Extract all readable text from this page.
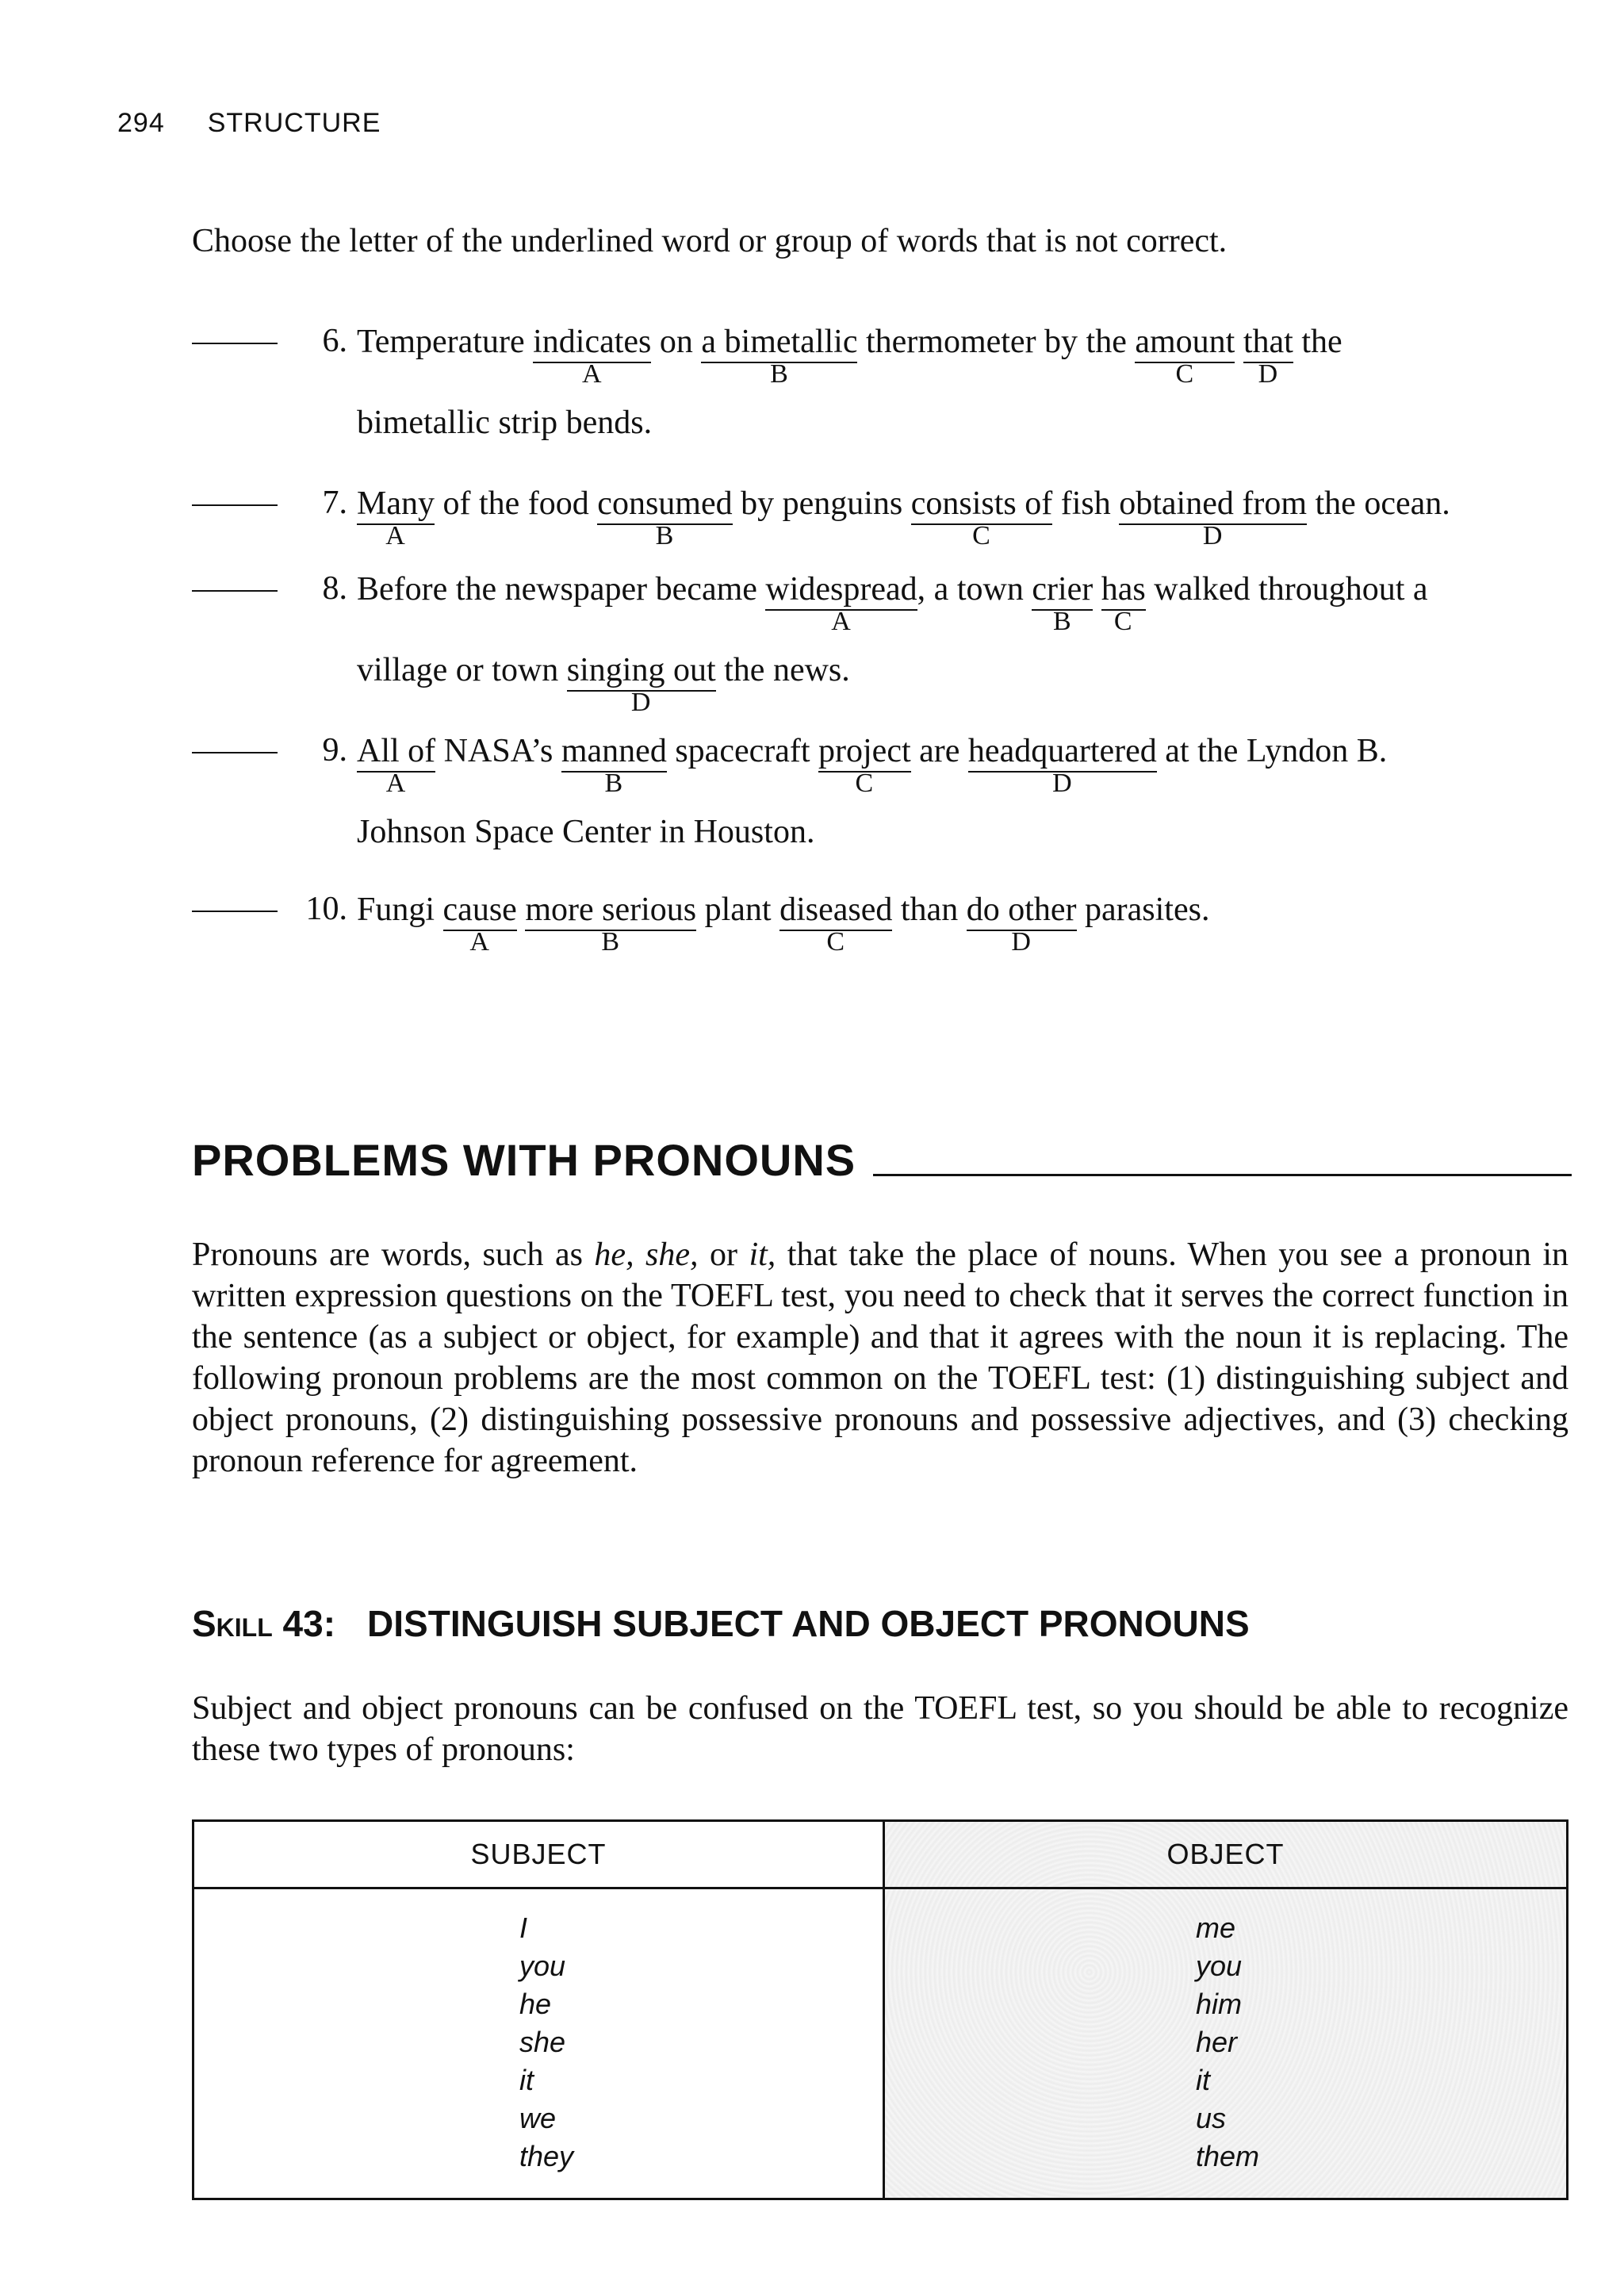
294 STRUCTURE
Choose the letter of the underlined word or group of words that is not correct.
6. Temperature indicates
A
on a bimetallic
B
thermometer by the amount
C
that
D
the
bimetallic strip bends.
7. Many
A
of the food consumed
B
by penguins consists of
C
fish obtained from
D
the ocean.
8. Before the newspaper became widespread
A
, a town crier
B
has
C
walked throughout a
village or town singing out
D
the news.
9. All of
A
NASA’s manned
B
spacecraft project
C
are headquartered
D
at the Lyndon B.
Johnson Space Center in Houston.
10. Fungi cause
A
more serious
B
plant diseased
C
than do other
D
parasites.
PROBLEMS WITH PRONOUNS
Pronouns are words, such as he, she, or it, that take the place of nouns. When you see a pronoun in written expression questions on the TOEFL test, you need to check that it serves the correct function in the sentence (as a subject or object, for example) and that it agrees with the noun it is replacing. The following pronoun problems are the most common on the TOEFL test: (1) distinguishing subject and object pronouns, (2) distinguishing possessive pronouns and possessive adjectives, and (3) checking pronoun reference for agreement.
Skill 43: DISTINGUISH SUBJECT AND OBJECT PRONOUNS
Subject and object pronouns can be confused on the TOEFL test, so you should be able to recognize these two types of pronouns:
SUBJECT
I
you
he
she
it
we
they
OBJECT
me
you
him
her
it
us
them
